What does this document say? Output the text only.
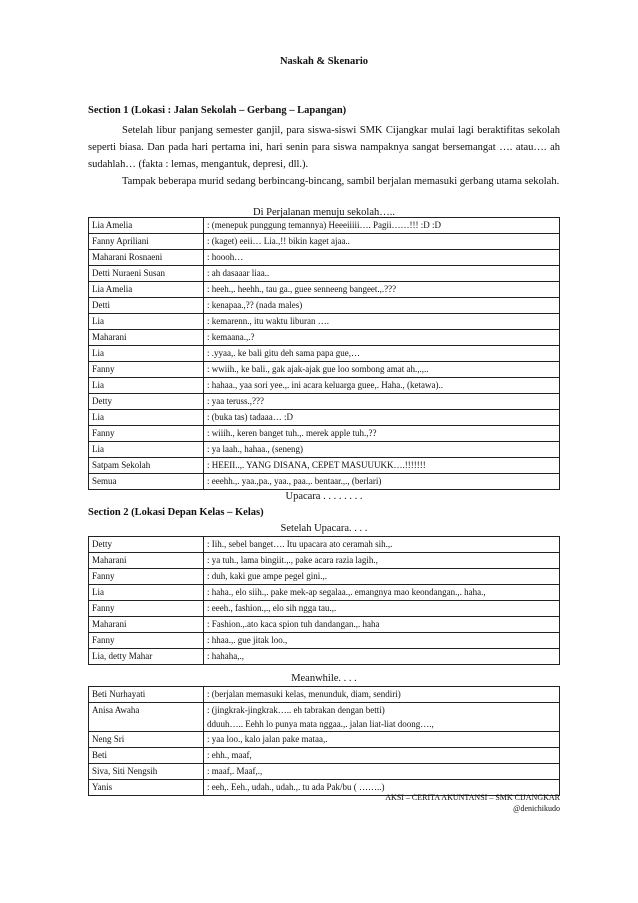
Naskah & Skenario
Section 1 (Lokasi : Jalan Sekolah – Gerbang – Lapangan)
Setelah libur panjang semester ganjil, para siswa-siswi SMK Cijangkar mulai lagi beraktifitas sekolah seperti biasa. Dan pada hari pertama ini, hari senin para siswa nampaknya sangat bersemangat …. atau…. ah sudahlah… (fakta : lemas, mengantuk, depresi, dll.).
Tampak beberapa murid sedang berbincang-bincang, sambil berjalan memasuki gerbang utama sekolah.
Di Perjalanan menuju sekolah…..
Lia Amelia	: (menepuk punggung temannya) Heeeiiiii…. Pagii……!!! :D :D
Fanny Apriliani	: (kaget) eeii… Lia.,!! bikin kaget ajaa..
Maharani Rosnaeni	: hoooh…
Detti Nuraeni Susan	: ah dasaaar liaa..
Lia Amelia	: heeh.,. heehh., tau ga., guee senneeng bangeet.,.???
Detti	: kenapaa.,?? (nada males)
Lia	: kemarenn., itu waktu liburan ….
Maharani	: kemaana.,.?
Lia	: .yyaa,. ke bali gitu deh sama papa gue,…
Fanny	: wwiih., ke bali., gak ajak-ajak gue loo sombong amat ah.,.,..
Lia	: hahaa., yaa sori yee.,. ini acara keluarga guee,. Haha., (ketawa)..
Detty	: yaa teruss.,???
Lia	: (buka tas) tadaaa… :D
Fanny	: wiiih., keren banget tuh.,. merek apple tuh.,??
Lia	: ya laah., hahaa., (seneng)
Satpam Sekolah	: HEEII..,. YANG DISANA, CEPET MASUUUKK….!!!!!!!
Semua	: eeehh.,. yaa.,pa., yaa., paa.,. bentaar.,., (berlari)
Upacara . . . . . . . .
Section 2 (Lokasi Depan Kelas – Kelas)
Setelah Upacara. . . .
Detty	: Iih., sebel banget…. Itu upacara ato ceramah sih.,.
Maharani	: ya tuh., lama bingiit.,., pake acara razia lagih.,
Fanny	: duh, kaki gue ampe pegel gini.,.
Lia	: haha., elo siih.,. pake mek-ap segalaa.,. emangnya mao keondangan.,. haha.,
Fanny	: eeeh., fashion.,., elo sih ngga tau.,.
Maharani	: Fashion.,.ato kaca spion tuh dandangan.,. haha
Fanny	: hhaa.,. gue jitak loo.,
Lia, detty Mahar	: hahaha,.,
Meanwhile. . . .
Beti Nurhayati	: (berjalan memasuki kelas, menunduk, diam, sendiri)
Anisa Awaha	: (jingkrak-jingkrak….. eh tabrakan dengan betti)
dduuh….. Eehh lo punya mata nggaa.,. jalan liat-liat doong….,

Neng Sri	: yaa loo., kalo jalan pake mataa,.
Beti	: ehh., maaf,
Siva, Siti Nengsih	: maaf,. Maaf,.,
Yanis	: eeh,. Eeh., udah., udah.,. tu ada Pak/bu ( ……..)
AKSI – CERITA AKUNTANSI – SMK CIJANGKAR
@denichikudo
